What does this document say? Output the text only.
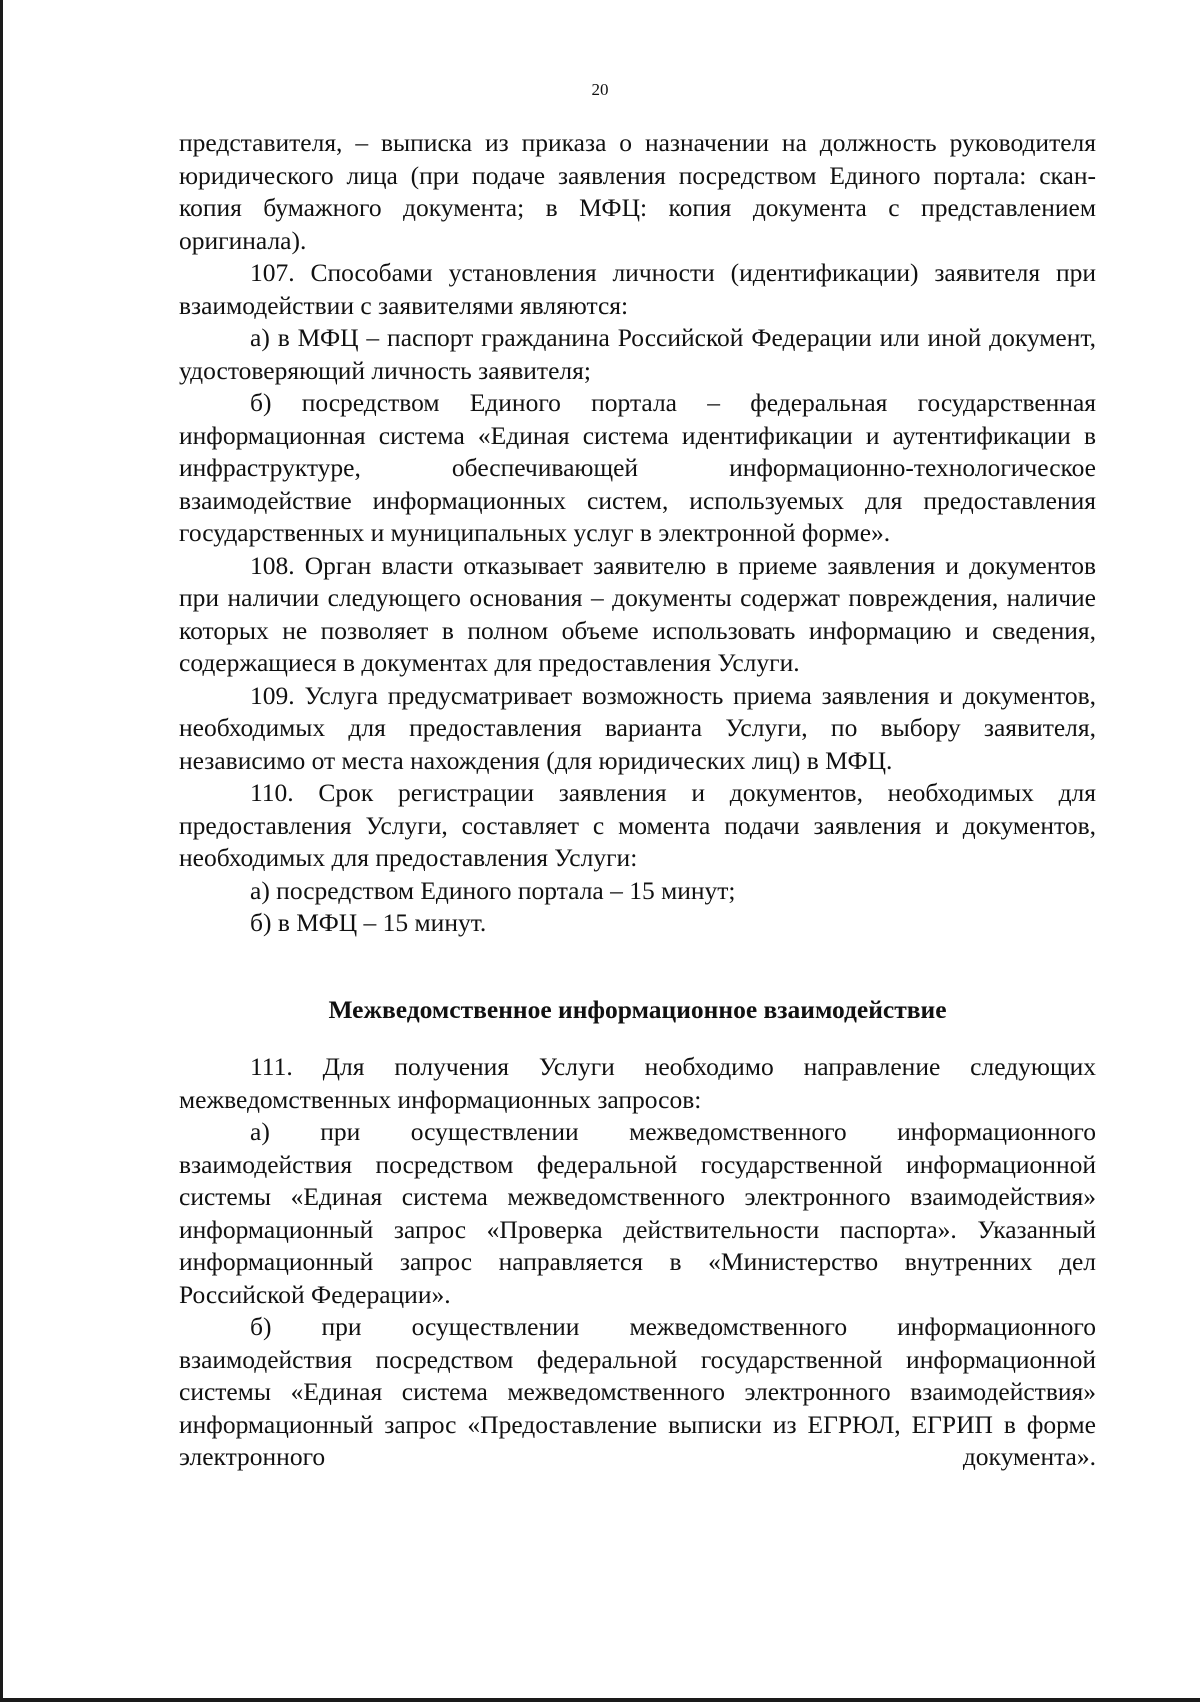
20

представителя, – выписка из приказа о назначении на должность руководителя юридического лица (при подаче заявления посредством Единого портала: скан-копия бумажного документа; в МФЦ: копия документа с представлением оригинала).

107. Способами установления личности (идентификации) заявителя при взаимодействии с заявителями являются:

а) в МФЦ – паспорт гражданина Российской Федерации или иной документ, удостоверяющий личность заявителя;

б) посредством Единого портала – федеральная государственная информационная система «Единая система идентификации и аутентификации в инфраструктуре, обеспечивающей информационно-технологическое взаимодействие информационных систем, используемых для предоставления государственных и муниципальных услуг в электронной форме».

108. Орган власти отказывает заявителю в приеме заявления и документов при наличии следующего основания – документы содержат повреждения, наличие которых не позволяет в полном объеме использовать информацию и сведения, содержащиеся в документах для предоставления Услуги.

109. Услуга предусматривает возможность приема заявления и документов, необходимых для предоставления варианта Услуги, по выбору заявителя, независимо от места нахождения (для юридических лиц) в МФЦ.

110. Срок регистрации заявления и документов, необходимых для предоставления Услуги, составляет с момента подачи заявления и документов, необходимых для предоставления Услуги:

а) посредством Единого портала – 15 минут;

б) в МФЦ – 15 минут.

Межведомственное информационное взаимодействие

111. Для получения Услуги необходимо направление следующих межведомственных информационных запросов:

а) при осуществлении межведомственного информационного взаимодействия посредством федеральной государственной информационной системы «Единая система межведомственного электронного взаимодействия» информационный запрос «Проверка действительности паспорта». Указанный информационный запрос направляется в «Министерство внутренних дел Российской Федерации».

б) при осуществлении межведомственного информационного взаимодействия посредством федеральной государственной информационной системы «Единая система межведомственного электронного взаимодействия» информационный запрос «Предоставление выписки из ЕГРЮЛ, ЕГРИП в форме электронного документа».
